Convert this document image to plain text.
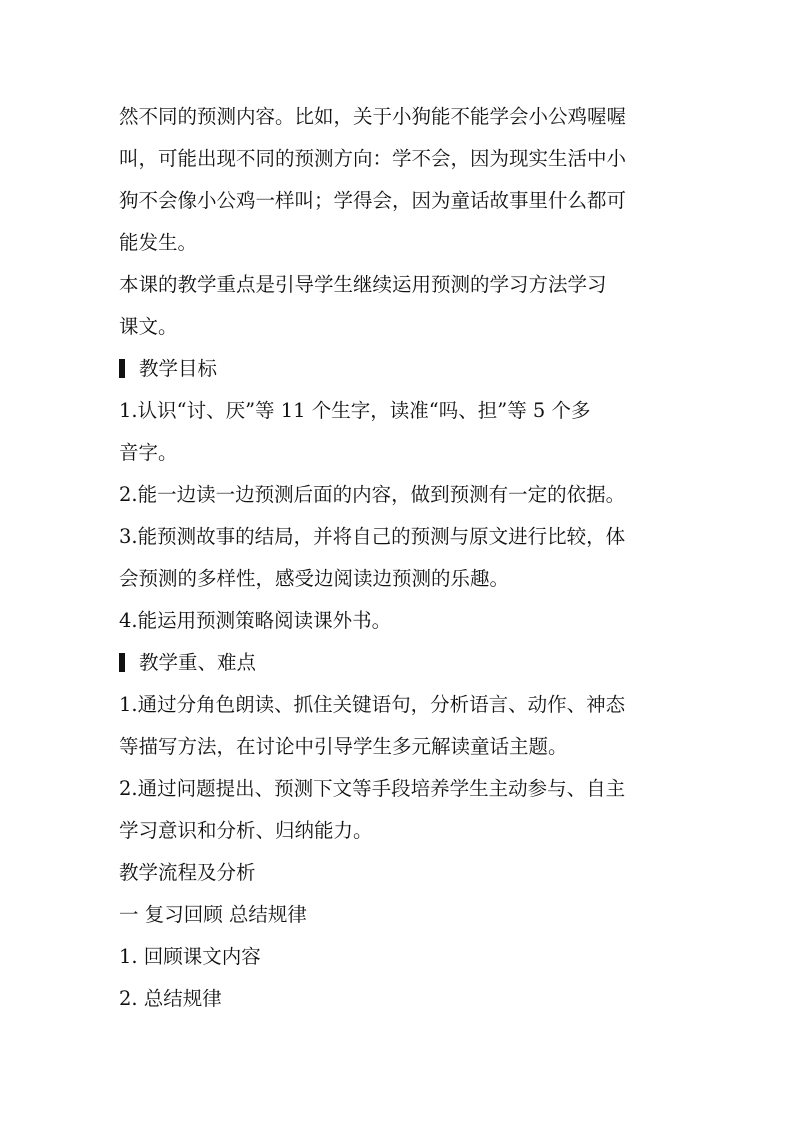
然不同的预测内容。比如，关于小狗能不能学会小公鸡喔喔

叫，可能出现不同的预测方向：学不会，因为现实生活中小

狗不会像小公鸡一样叫；学得会，因为童话故事里什么都可

能发生。

本课的教学重点是引导学生继续运用预测的学习方法学习

课文。

教学目标

1.认识“讨、厌”等 11 个生字，读准“吗、担”等 5 个多

音字。

2.能一边读一边预测后面的内容，做到预测有一定的依据。

3.能预测故事的结局，并将自己的预测与原文进行比较，体

会预测的多样性，感受边阅读边预测的乐趣。

4.能运用预测策略阅读课外书。

教学重、难点

1.通过分角色朗读、抓住关键语句，分析语言、动作、神态

等描写方法，在讨论中引导学生多元解读童话主题。

2.通过问题提出、预测下文等手段培养学生主动参与、自主

学习意识和分析、归纳能力。

教学流程及分析

一 复习回顾 总结规律

1. 回顾课文内容

2. 总结规律
